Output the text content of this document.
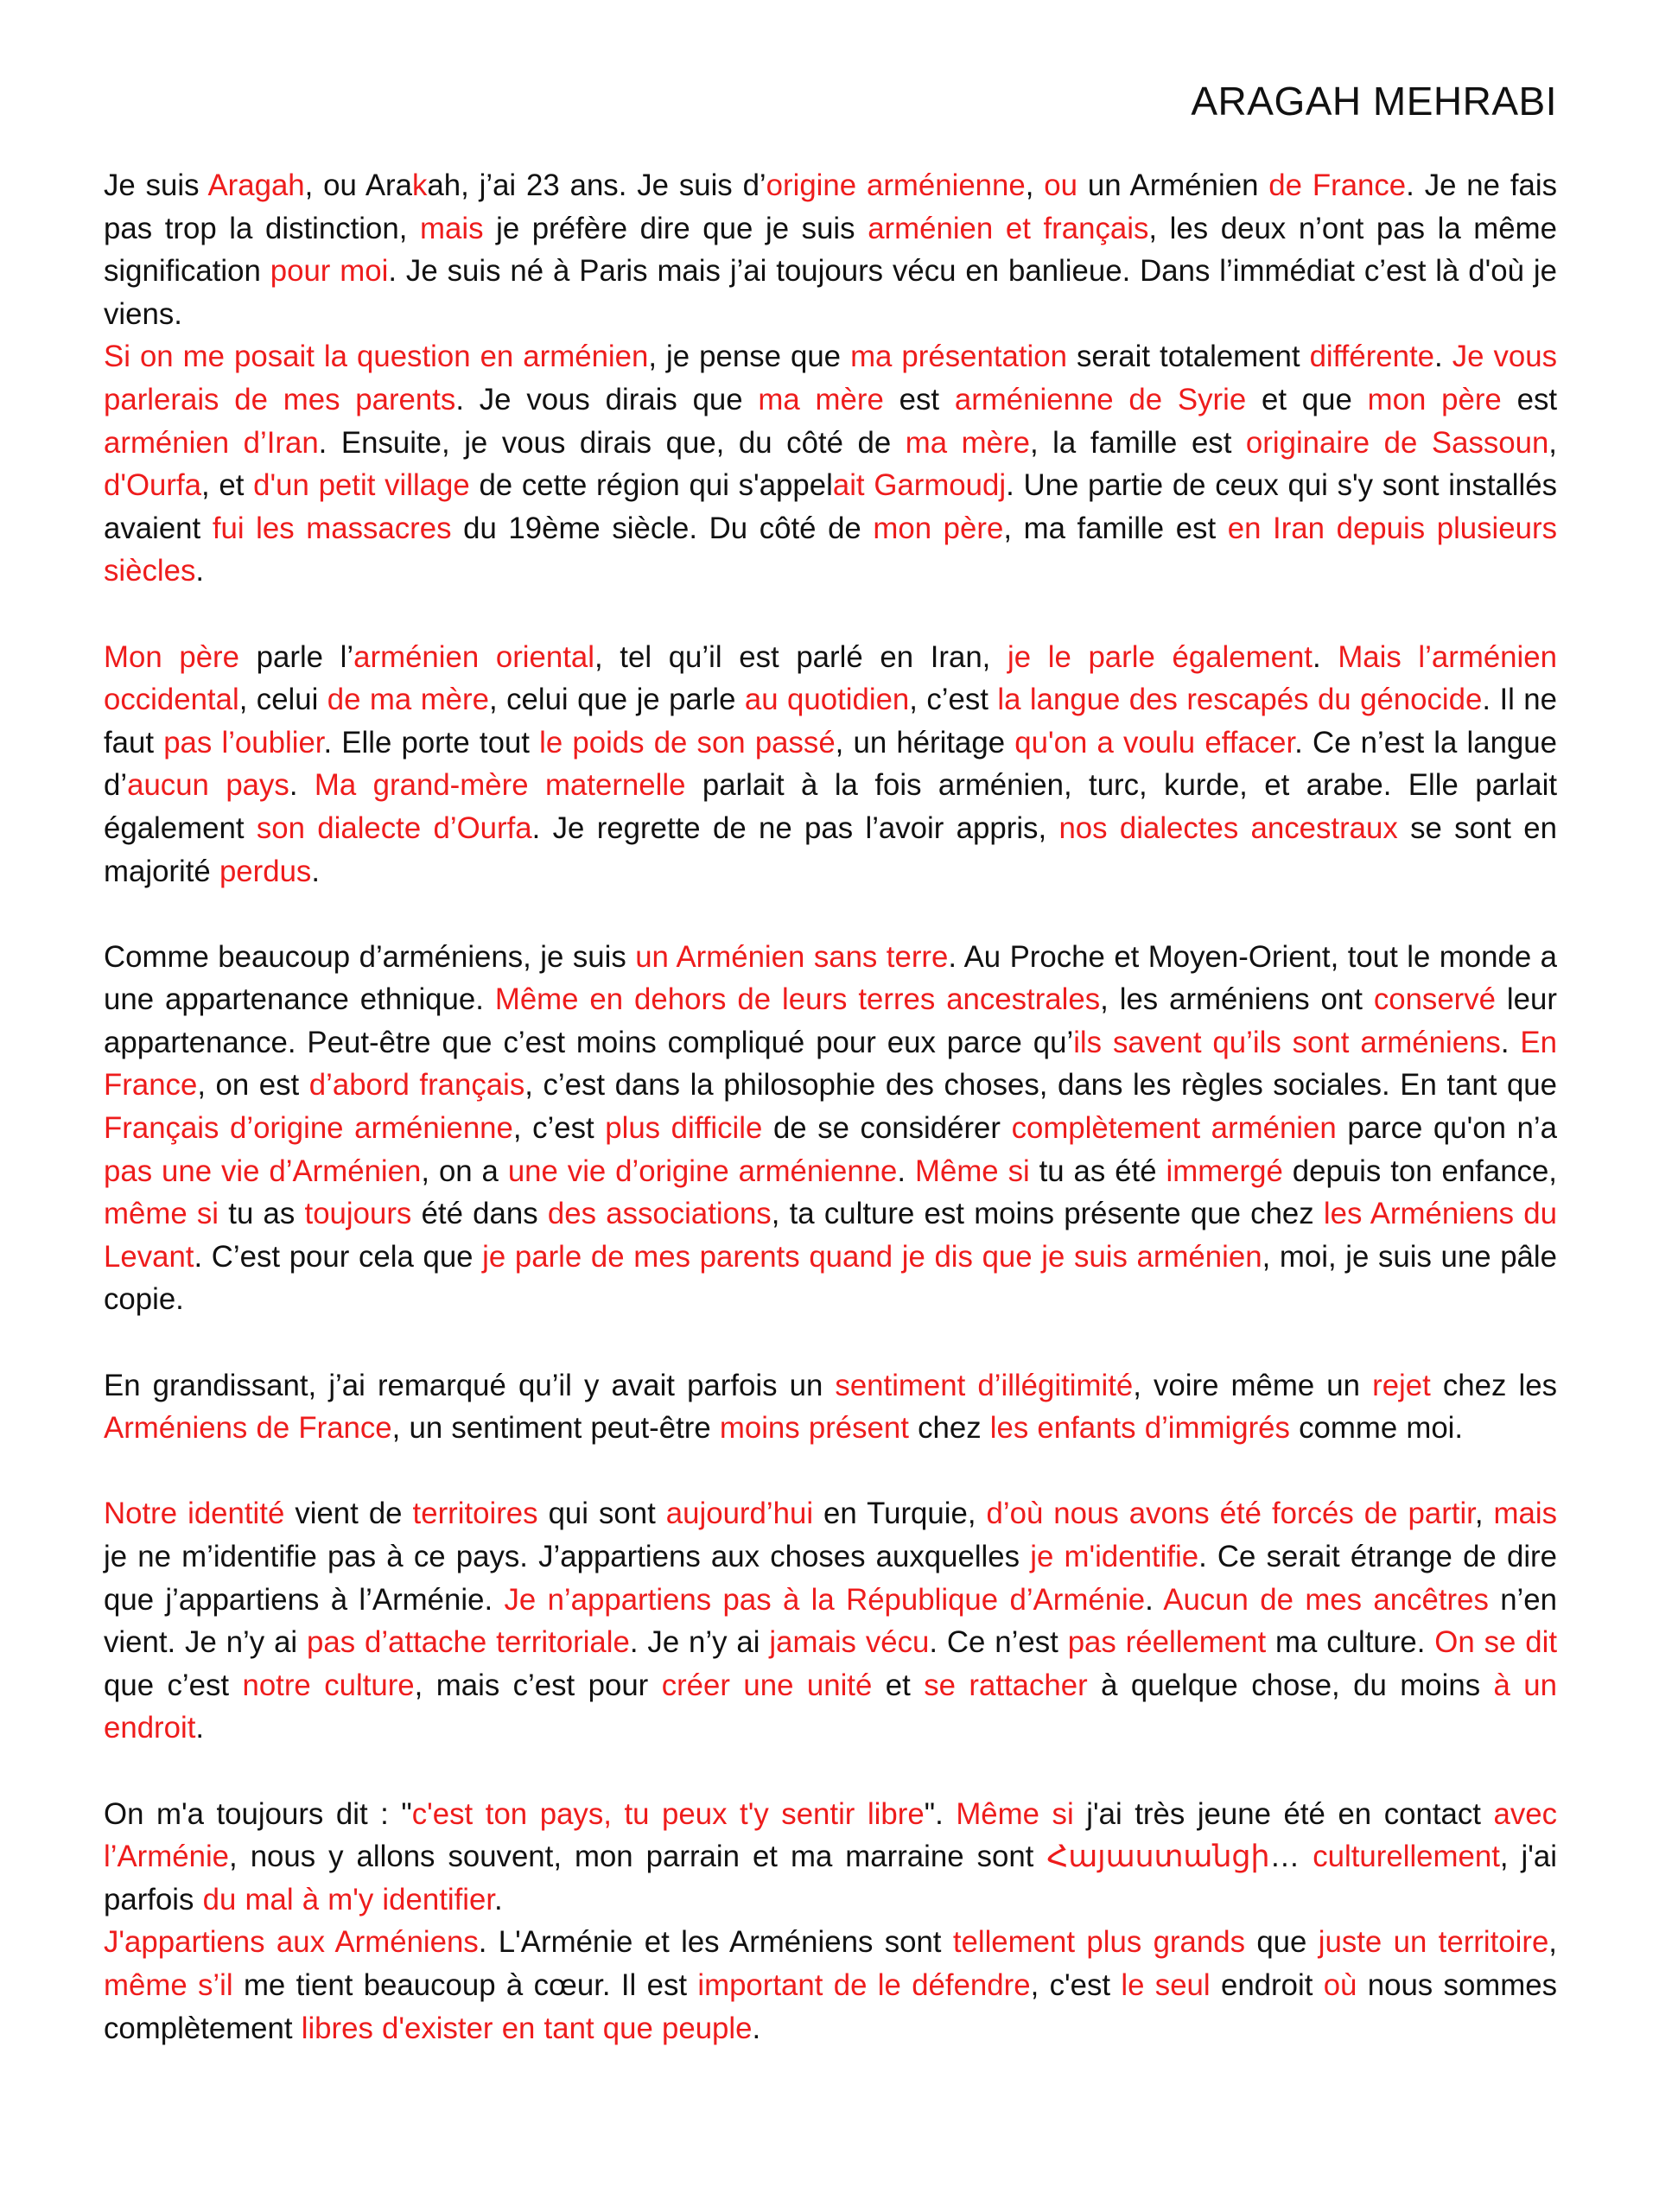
ARAGAH MEHRABI

Je suis Aragah, ou Arakah, j’ai 23 ans. Je suis d’origine arménienne, ou un Arménien de France. Je ne fais pas trop la distinction, mais je préfère dire que je suis arménien et français, les deux n’ont pas la même signification pour moi. Je suis né à Paris mais j’ai toujours vécu en banlieue. Dans l’immédiat c’est là d'où je viens.

Si on me posait la question en arménien, je pense que ma présentation serait totalement différente. Je vous parlerais de mes parents. Je vous dirais que ma mère est arménienne de Syrie et que mon père est arménien d’Iran. Ensuite, je vous dirais que, du côté de ma mère, la famille est originaire de Sassoun, d'Ourfa, et d'un petit village de cette région qui s'appelait Garmoudj. Une partie de ceux qui s'y sont installés avaient fui les massacres du 19ème siècle. Du côté de mon père, ma famille est en Iran depuis plusieurs siècles.

Mon père parle l’arménien oriental, tel qu’il est parlé en Iran, je le parle également. Mais l’arménien occidental, celui de ma mère, celui que je parle au quotidien, c’est la langue des rescapés du génocide. Il ne faut pas l’oublier. Elle porte tout le poids de son passé, un héritage qu'on a voulu effacer. Ce n’est la langue d’aucun pays. Ma grand-mère maternelle parlait à la fois arménien, turc, kurde, et arabe. Elle parlait également son dialecte d’Ourfa. Je regrette de ne pas l’avoir appris, nos dialectes ancestraux se sont en majorité perdus.

Comme beaucoup d’arméniens, je suis un Arménien sans terre. Au Proche et Moyen-Orient, tout le monde a une appartenance ethnique. Même en dehors de leurs terres ancestrales, les arméniens ont conservé leur appartenance. Peut-être que c’est moins compliqué pour eux parce qu’ils savent qu’ils sont arméniens. En France, on est d’abord français, c’est dans la philosophie des choses, dans les règles sociales. En tant que Français d’origine arménienne, c’est plus difficile de se considérer complètement arménien parce qu'on n’a pas une vie d’Arménien, on a une vie d’origine arménienne. Même si tu as été immergé depuis ton enfance, même si tu as toujours été dans des associations, ta culture est moins présente que chez les Arméniens du Levant. C’est pour cela que je parle de mes parents quand je dis que je suis arménien, moi, je suis une pâle copie.

En grandissant, j’ai remarqué qu’il y avait parfois un sentiment d’illégitimité, voire même un rejet chez les Arméniens de France, un sentiment peut-être moins présent chez les enfants d’immigrés comme moi.

Notre identité vient de territoires qui sont aujourd’hui en Turquie, d’où nous avons été forcés de partir, mais je ne m’identifie pas à ce pays. J’appartiens aux choses auxquelles je m'identifie. Ce serait étrange de dire que j’appartiens à l’Arménie. Je n’appartiens pas à la République d’Arménie. Aucun de mes ancêtres n’en vient. Je n’y ai pas d’attache territoriale. Je n’y ai jamais vécu. Ce n’est pas réellement ma culture. On se dit que c’est notre culture, mais c’est pour créer une unité et se rattacher à quelque chose, du moins à un endroit.

On m'a toujours dit : "c'est ton pays, tu peux t'y sentir libre". Même si j'ai très jeune été en contact avec l’Arménie, nous y allons souvent, mon parrain et ma marraine sont Հայաստանցի… culturellement, j'ai parfois du mal à m'y identifier.

J'appartiens aux Arméniens. L'Arménie et les Arméniens sont tellement plus grands que juste un territoire, même s’il me tient beaucoup à cœur. Il est important de le défendre, c'est le seul endroit où nous sommes complètement libres d'exister en tant que peuple.
